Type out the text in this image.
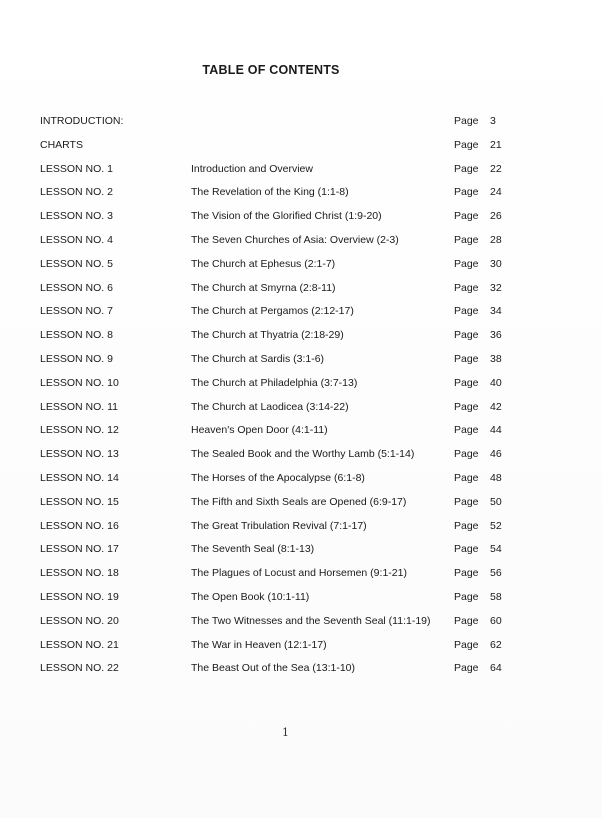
TABLE OF CONTENTS
INTRODUCTION:	Page 3
CHARTS	Page 21
LESSON NO. 1	Introduction and Overview	Page 22
LESSON NO. 2	The Revelation of the King (1:1-8)	Page 24
LESSON NO. 3	The Vision of the Glorified Christ (1:9-20)	Page 26
LESSON NO. 4	The Seven Churches of Asia: Overview (2-3)	Page 28
LESSON NO. 5	The Church at Ephesus (2:1-7)	Page 30
LESSON NO. 6	The Church at Smyrna (2:8-11)	Page 32
LESSON NO. 7	The Church at Pergamos (2:12-17)	Page 34
LESSON NO. 8	The Church at Thyatria (2:18-29)	Page 36
LESSON NO. 9	The Church at Sardis (3:1-6)	Page 38
LESSON NO. 10	The Church at Philadelphia (3:7-13)	Page 40
LESSON NO. 11	The Church at Laodicea (3:14-22)	Page 42
LESSON NO. 12	Heaven's Open Door (4:1-11)	Page 44
LESSON NO. 13	The Sealed Book and the Worthy Lamb (5:1-14)	Page 46
LESSON NO. 14	The Horses of the Apocalypse (6:1-8)	Page 48
LESSON NO. 15	The Fifth and Sixth Seals are Opened (6:9-17)	Page 50
LESSON NO. 16	The Great Tribulation Revival (7:1-17)	Page 52
LESSON NO. 17	The Seventh Seal (8:1-13)	Page 54
LESSON NO. 18	The Plagues of Locust and Horsemen (9:1-21)	Page 56
LESSON NO. 19	The Open Book (10:1-11)	Page 58
LESSON NO. 20	The Two Witnesses and the Seventh Seal (11:1-19) Page 60
LESSON NO. 21	The War in Heaven (12:1-17)	Page 62
LESSON NO. 22	The Beast Out of the Sea (13:1-10)	Page 64
1
